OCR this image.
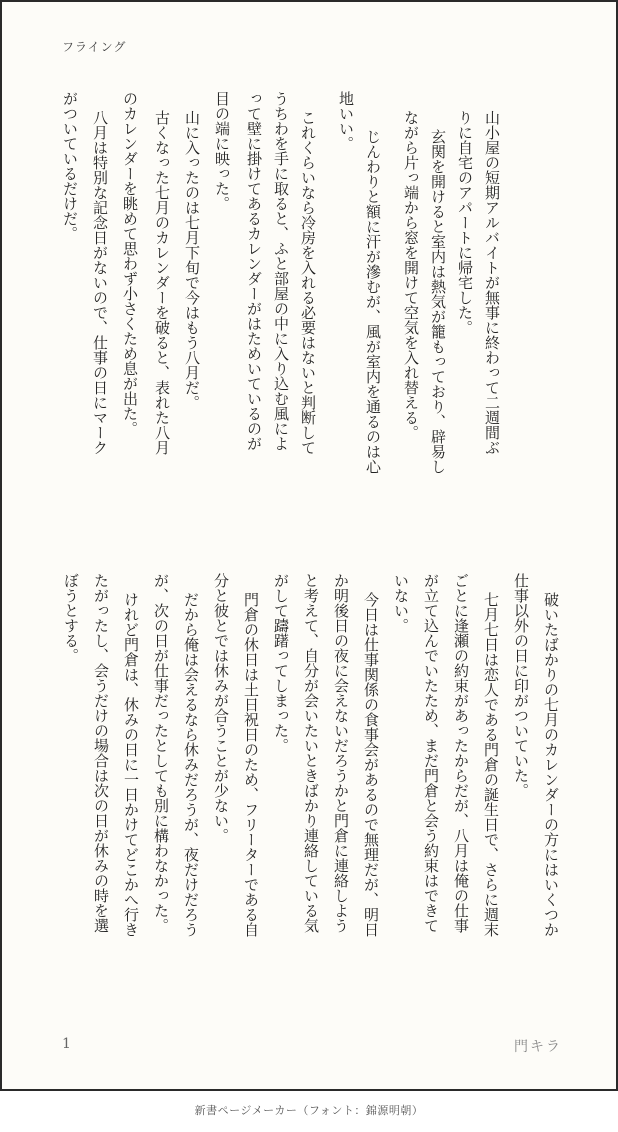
フライング
山小屋の短期アルバイトが無事に終わって二週間ぶ
りに自宅のアパートに帰宅した。
玄関を開けると室内は熱気が籠もっており、辟易し
ながら片っ端から窓を開けて空気を入れ替える。
じんわりと額に汗が滲むが、風が室内を通るのは心
地いい。
これくらいなら冷房を入れる必要はないと判断して
うちわを手に取ると、ふと部屋の中に入り込む風によ
って壁に掛けてあるカレンダーがはためいているのが
目の端に映った。
山に入ったのは七月下旬で今はもう八月だ。
古くなった七月のカレンダーを破ると、表れた八月
のカレンダーを眺めて思わず小さくため息が出た。
八月は特別な記念日がないので、仕事の日にマーク
がついているだけだ。
破いたばかりの七月のカレンダーの方にはいくつか
仕事以外の日に印がついていた。
七月七日は恋人である門倉の誕生日で、さらに週末
ごとに逢瀬の約束があったからだが、八月は俺の仕事
が立て込んでいたため、まだ門倉と会う約束はできて
いない。
今日は仕事関係の食事会があるので無理だが、明日
か明後日の夜に会えないだろうかと門倉に連絡しよう
と考えて、自分が会いたいときばかり連絡している気
がして躊躇ってしまった。
門倉の休日は土日祝日のため、フリーターである自
分と彼とでは休みが合うことが少ない。
だから俺は会えるなら休みだろうが、夜だけだろう
が、次の日が仕事だったとしても別に構わなかった。
けれど門倉は、休みの日に一日かけてどこかへ行き
たがったし、会うだけの場合は次の日が休みの時を選
ぼうとする。
1	門キラ
新書ページメーカー（フォント：錦源明朝）
